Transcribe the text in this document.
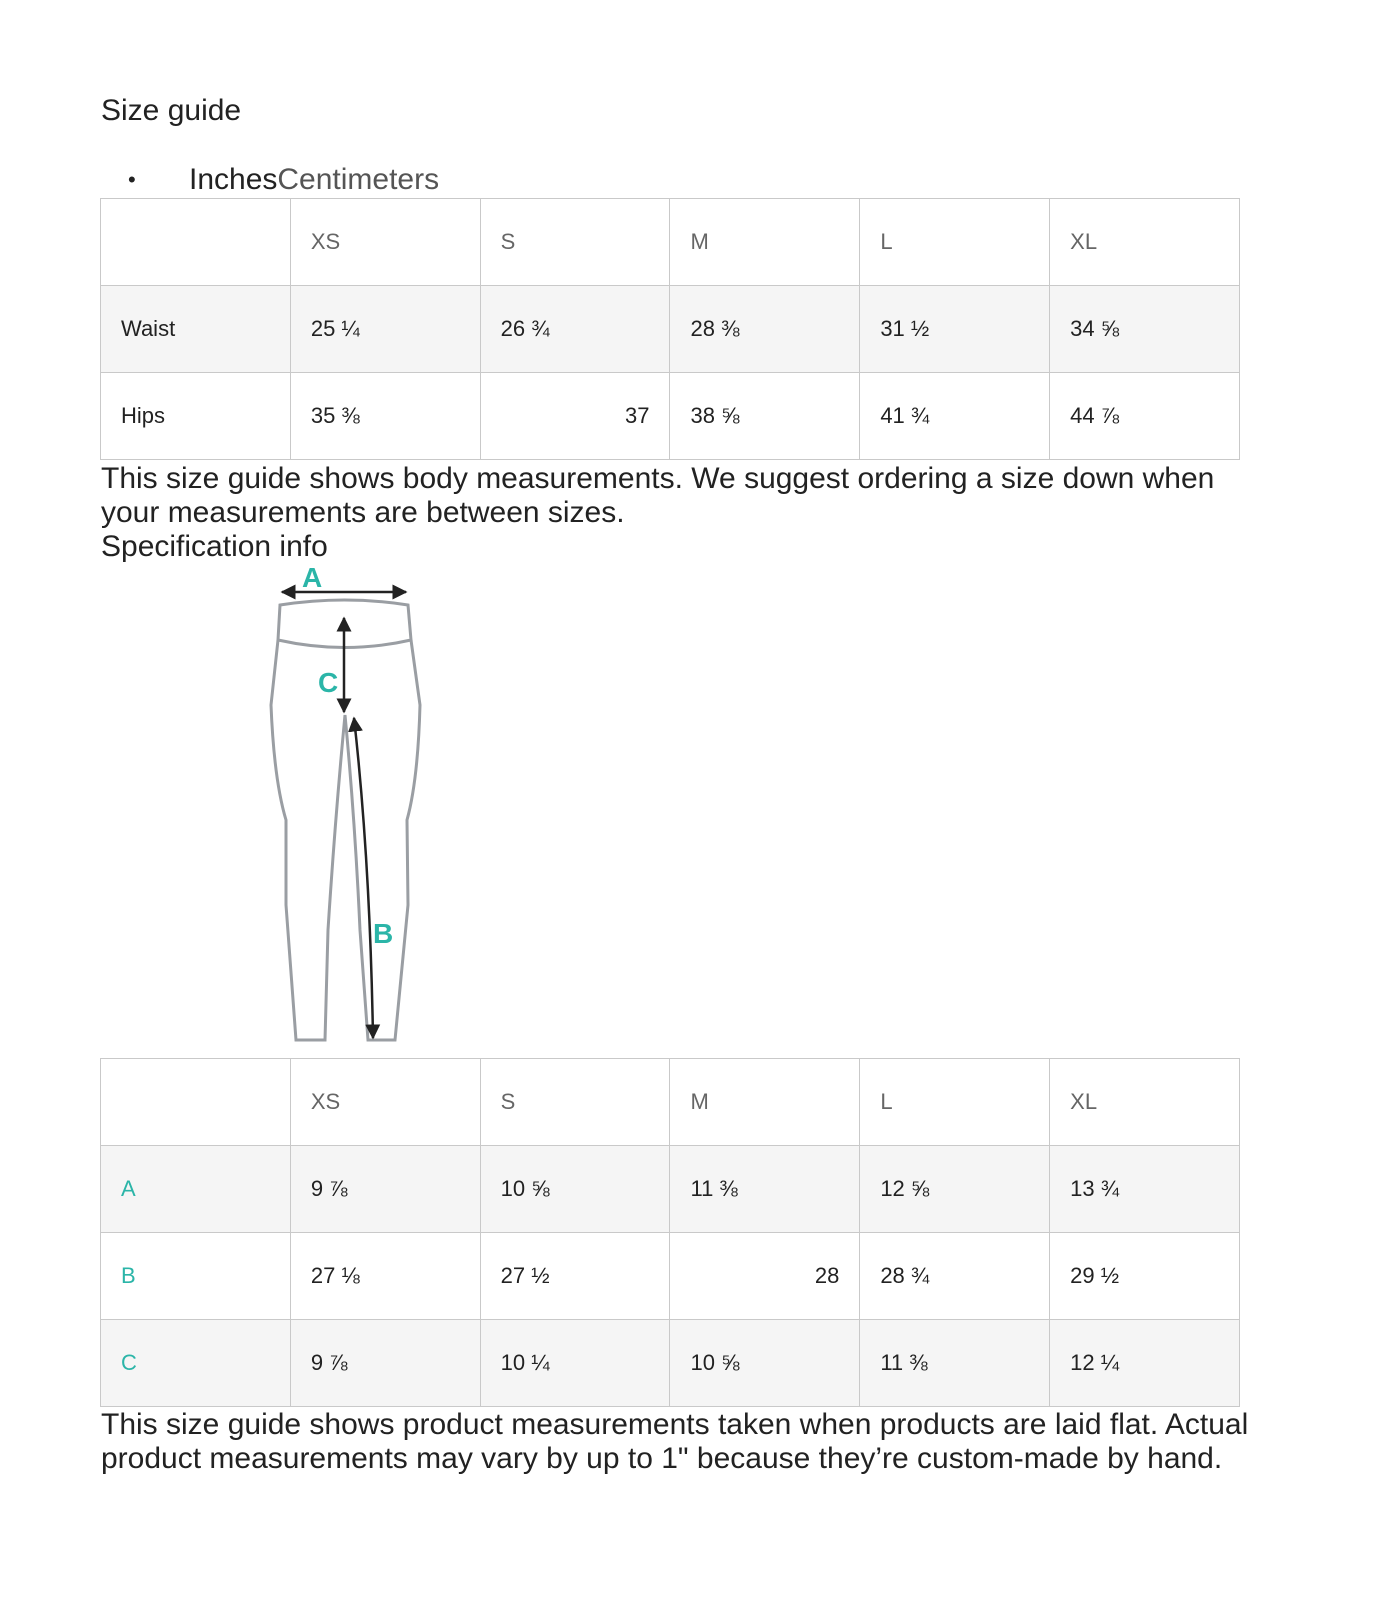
Size guide
• InchesCentimeters
	XS	S	M	L	XL
Waist	25 ¼	26 ¾	28 ⅜	31 ½	34 ⅝
Hips	35 ⅜	37	38 ⅝	41 ¾	44 ⅞
This size guide shows body measurements. We suggest ordering a size down when your measurements are between sizes.
Specification info
A
C
B
	XS	S	M	L	XL
A	9 ⅞	10 ⅝	11 ⅜	12 ⅝	13 ¾
B	27 ⅛	27 ½	28	28 ¾	29 ½
C	9 ⅞	10 ¼	10 ⅝	11 ⅜	12 ¼
This size guide shows product measurements taken when products are laid flat. Actual product measurements may vary by up to 1" because they’re custom-made by hand.
